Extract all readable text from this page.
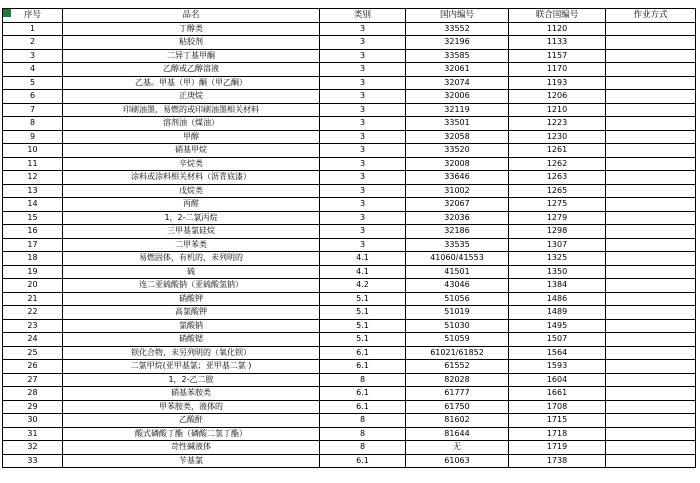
序号	品名	类别	国内编号	联合国编号	作业方式
1	丁醇类	3	33552	1120	
2	粘胶剂	3	32196	1133	
3	二异丁基甲酮	3	33585	1157	
4	乙醇或乙醇溶液	3	32061	1170	
5	乙基。甲基（甲）酮（甲乙酮）	3	32074	1193	
6	正庚烷	3	32006	1206	
7	印刷油墨，易燃的或印刷油墨相关材料	3	32119	1210	
8	溶剂油（煤油）	3	33501	1223	
9	甲醇	3	32058	1230	
10	硝基甲烷	3	33520	1261	
11	辛烷类	3	32008	1262	
12	涂料或涂料相关材料（沥青底漆）	3	33646	1263	
13	戊烷类	3	31002	1265	
14	丙醛	3	32067	1275	
15	1，2-二氯丙烷	3	32036	1279	
16	三甲基氯硅烷	3	32186	1298	
17	二甲苯类	3	33535	1307	
18	易燃固体，有机的，未列明的	4.1	41060/41553	1325	
19	硫	4.1	41501	1350	
20	连二亚硫酸钠（亚硫酸氢钠）	4.2	43046	1384	
21	硝酸钾	5.1	51056	1486	
22	高氯酸钾	5.1	51019	1489	
23	氯酸钠	5.1	51030	1495	
24	硝酸锶	5.1	51059	1507	
25	钡化合物，未另列明的（氧化钡）	6.1	61021/61852	1564	
26	二氯甲烷(亚甲基氯；亚甲基二氯 )	6.1	61552	1593	
27	1，2-乙二胺	8	82028	1604	
28	硝基苯胺类	6.1	61777	1661	
29	甲苯胺类，液体的	6.1	61750	1708	
30	乙酸酐	8	81602	1715	
31	酸式磷酸丁酯（磷酸二氢丁酯）	8	81644	1718	
32	苛性碱液体	8	无	1719	
33	苄基氯	6.1	61063	1738	
